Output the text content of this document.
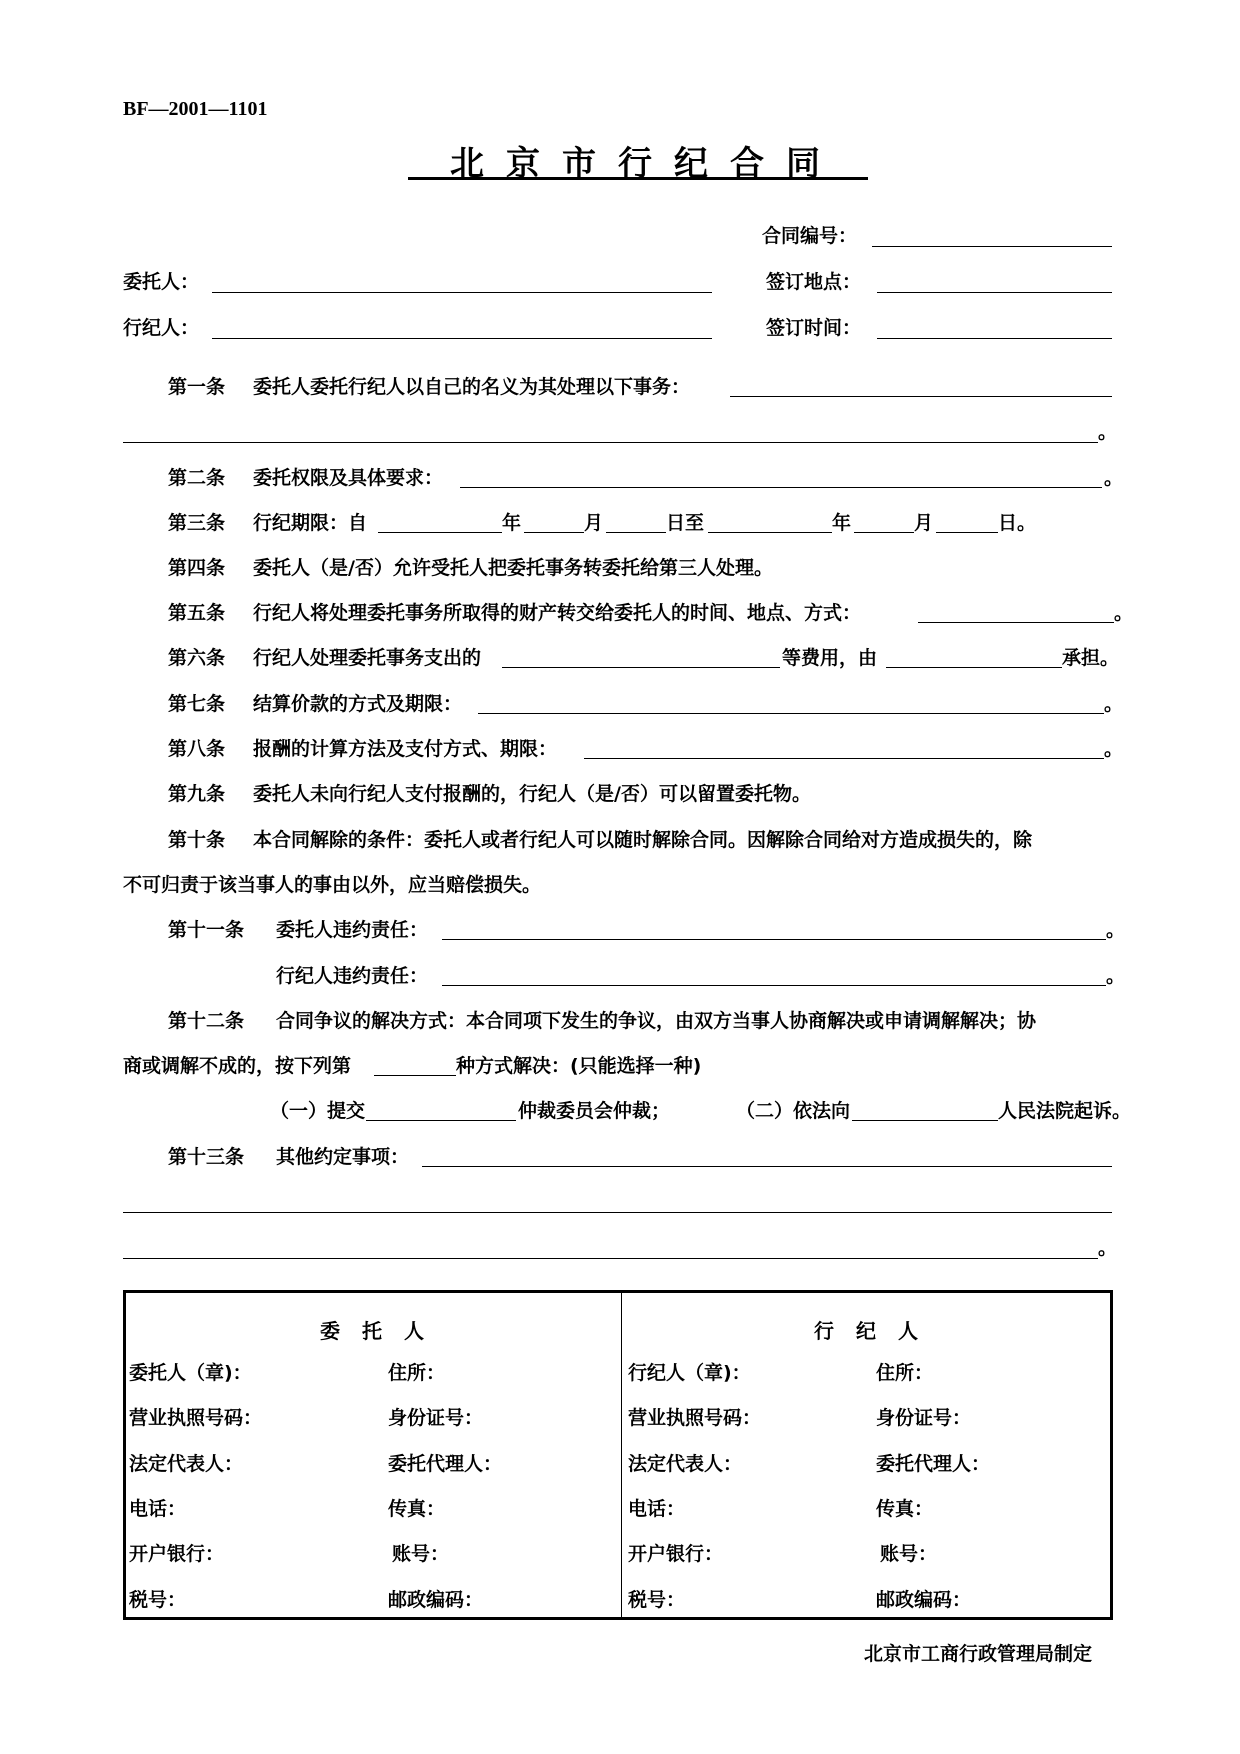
BF—2001—1101
北京市行纪合同
合同编号：
委托人：	签订地点：
行纪人：	签订时间：
第一条 委托人委托行纪人以自己的名义为其处理以下事务：
。
第二条 委托权限及具体要求：	。
第三条 行纪期限：自	年	月	日至	年	月	日。
第四条 委托人（是/否）允许受托人把委托事务转委托给第三人处理。
第五条 行纪人将处理委托事务所取得的财产转交给委托人的时间、地点、方式：	。
第六条 行纪人处理委托事务支出的	等费用，由	承担。
第七条 结算价款的方式及期限：	。
第八条 报酬的计算方法及支付方式、期限：	。
第九条 委托人未向行纪人支付报酬的，行纪人（是/否）可以留置委托物。
第十条 本合同解除的条件：委托人或者行纪人可以随时解除合同。因解除合同给对方造成损失的，除
不可归责于该当事人的事由以外，应当赔偿损失。
第十一条 委托人违约责任：	。
行纪人违约责任：	。
第十二条 合同争议的解决方式：本合同项下发生的争议，由双方当事人协商解决或申请调解解决；协
商或调解不成的，按下列第	种方式解决：(只能选择一种)
（一）提交	仲裁委员会仲裁；	（二）依法向	人民法院起诉。
第十三条 其他约定事项：
。
委托人	行纪人
委托人（章)：	住所：
营业执照号码：	身份证号：
法定代表人：	委托代理人：
电话：	传真：
开户银行：	账号：
税号：	邮政编码：
行纪人（章)：	住所：
营业执照号码：	身份证号：
法定代表人：	委托代理人：
电话：	传真：
开户银行：	账号：
税号：	邮政编码：
北京市工商行政管理局制定
